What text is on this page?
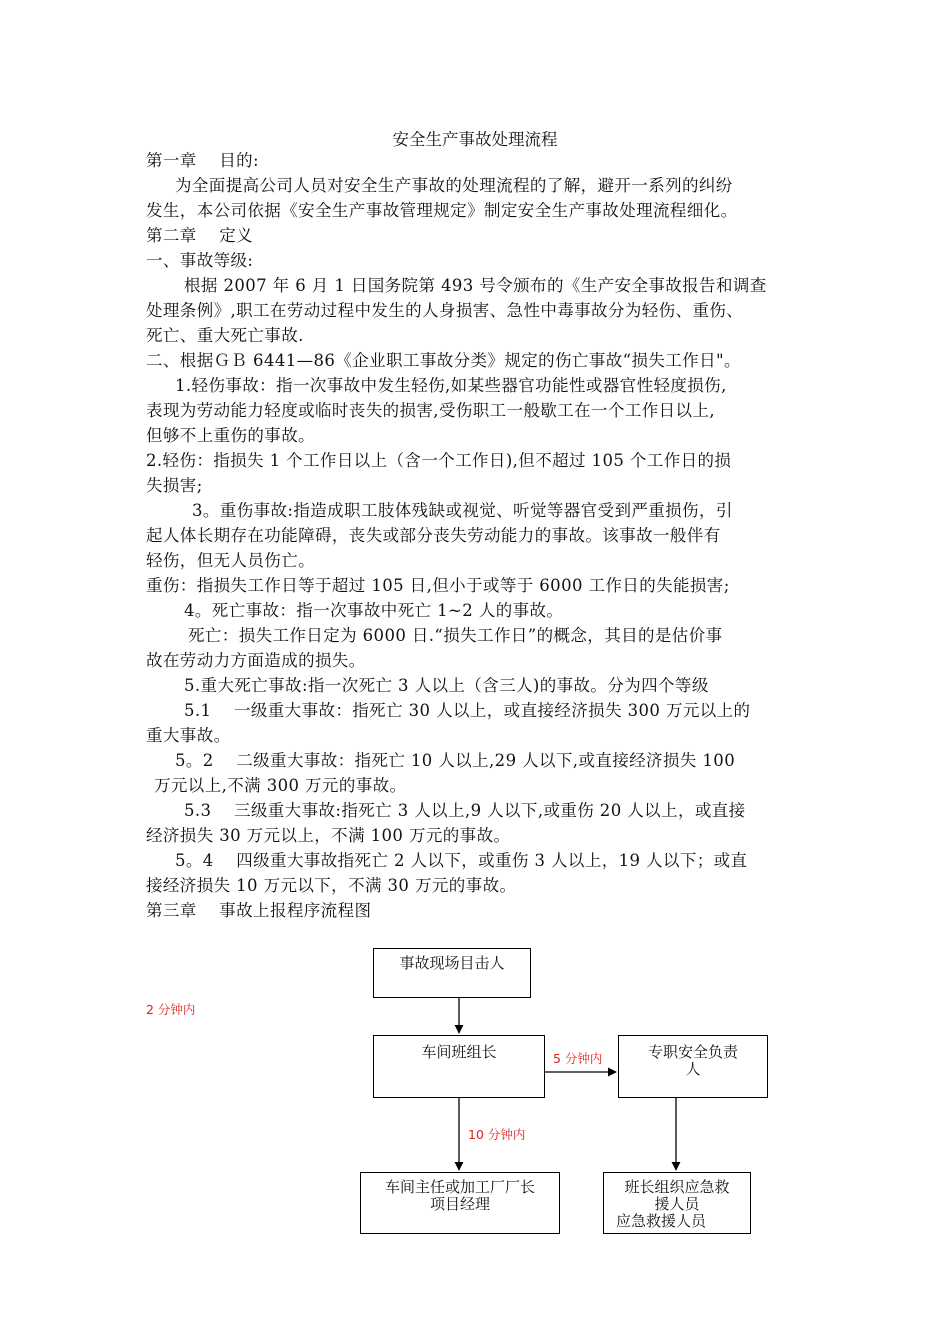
安全生产事故处理流程
第一章　 目的:
为全面提高公司人员对安全生产事故的处理流程的了解，避开一系列的纠纷
发生，本公司依据《安全生产事故管理规定》制定安全生产事故处理流程细化。
第二章　 定义
一、事故等级:
根据 2007 年 6 月 1 日国务院第 493 号令颁布的《生产安全事故报告和调查
处理条例》,职工在劳动过程中发生的人身损害、急性中毒事故分为轻伤、重伤、
死亡、重大死亡事故.
二、根据ＧＢ 6441—86《企业职工事故分类》规定的伤亡事故“损失工作日"。
1.轻伤事故：指一次事故中发生轻伤,如某些器官功能性或器官性轻度损伤,
表现为劳动能力轻度或临时丧失的损害,受伤职工一般歇工在一个工作日以上,
但够不上重伤的事故。
2.轻伤：指损失 1 个工作日以上（含一个工作日),但不超过 105 个工作日的损
失损害;
3。重伤事故:指造成职工肢体残缺或视觉、听觉等器官受到严重损伤，引
起人体长期存在功能障碍，丧失或部分丧失劳动能力的事故。该事故一般伴有
轻伤，但无人员伤亡。
重伤：指损失工作日等于超过 105 日,但小于或等于 6000 工作日的失能损害;
4。死亡事故：指一次事故中死亡 1~2 人的事故。
死亡：损失工作日定为 6000 日.“损失工作日”的概念，其目的是估价事
故在劳动力方面造成的损失。
5.重大死亡事故:指一次死亡 3 人以上（含三人)的事故。分为四个等级
5.1　 一级重大事故：指死亡 30 人以上，或直接经济损失 300 万元以上的
重大事故。
5。2　 二级重大事故：指死亡 10 人以上,29 人以下,或直接经济损失 100
万元以上,不满 300 万元的事故。
5.3　 三级重大事故:指死亡 3 人以上,9 人以下,或重伤 20 人以上，或直接
经济损失 30 万元以上，不满 100 万元的事故。
5。4　 四级重大事故指死亡 2 人以下，或重伤 3 人以上，19 人以下；或直
接经济损失 10 万元以下，不满 30 万元的事故。
第三章　 事故上报程序流程图
事故现场目击人
车间班组长	专职安全负责
人
车间主任或加工厂厂长
项目经理
班长组织应急救
援人员
应急救援人员
2 分钟内
5 分钟内
10 分钟内
